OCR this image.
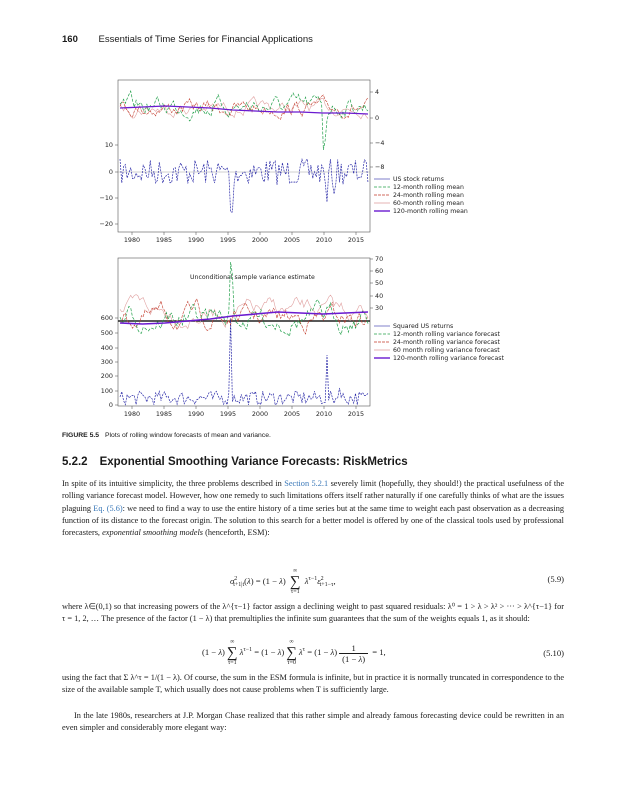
160 Essentials of Time Series for Financial Applications
10
0
−10
−20
4
0
−4
−8
1980 1985 1990 1995 2000 2005 2010 2015
US stock returns
12-month rolling mean
24-month rolling mean
60-month rolling mean
120-month rolling mean
Unconditional sample variance estimate
600
500
400
300
200
100
0
70
60
50
40
30
1980 1985 1990 1995 2000 2005 2010 2015
Squared US returns
12-month rolling variance forecast
24-month rolling variance forecast
60 month rolling variance forecast
120-month rolling variance forecast
FIGURE 5.5 Plots of rolling window forecasts of mean and variance.
5.2.2 Exponential Smoothing Variance Forecasts: RiskMetrics
In spite of its intuitive simplicity, the three problems described in Section 5.2.1 severely limit (hopefully, they should!) the practical usefulness of the rolling variance forecast model. However, how one remedy to such limitations offers itself rather naturally if one carefully thinks of what are the issues plaguing Eq. (5.6): we need to find a way to use the entire history of a time series but at the same time to weight each past observation as a decreasing function of its distance to the forecast origin. The solution to this search for a better model is offered by one of the classical tools used by professional forecasters, exponential smoothing models (henceforth, ESM):
$\sigma^2_{t+1|t}(\lambda) = (1 - \lambda)$ ∞
∑
τ=1 $\lambda^{\tau-1}\varepsilon^2_{t+1-\tau}$,	(5.9)
where λ∈(0,1) so that increasing powers of the λ^{τ−1} factor assign a declining weight to past squared residuals: λ⁰ = 1 > λ > λ² > ··· > λ^{τ−1} for τ = 1, 2, … The presence of the factor (1 − λ) that premultiplies the infinite sum guarantees that the sum of the weights equals 1, as it should:
(1 − λ)∞
∑
$\tau=1\lambda^{\tau-1} = (1 - \lambda)\infty$
∑
$\tau=0\lambda^\tau = (1 - \lambda) \frac{1}{(1 - \lambda)} = 1$,	(5.10)
using the fact that Σ λ^τ = 1/(1 − λ). Of course, the sum in the ESM formula is infinite, but in practice it is normally truncated in correspondence to the size of the available sample T, which usually does not cause problems when T is sufficiently large.
In the late 1980s, researchers at J.P. Morgan Chase realized that this rather simple and already famous forecasting device could be rewritten in an even simpler and considerably more elegant way:
